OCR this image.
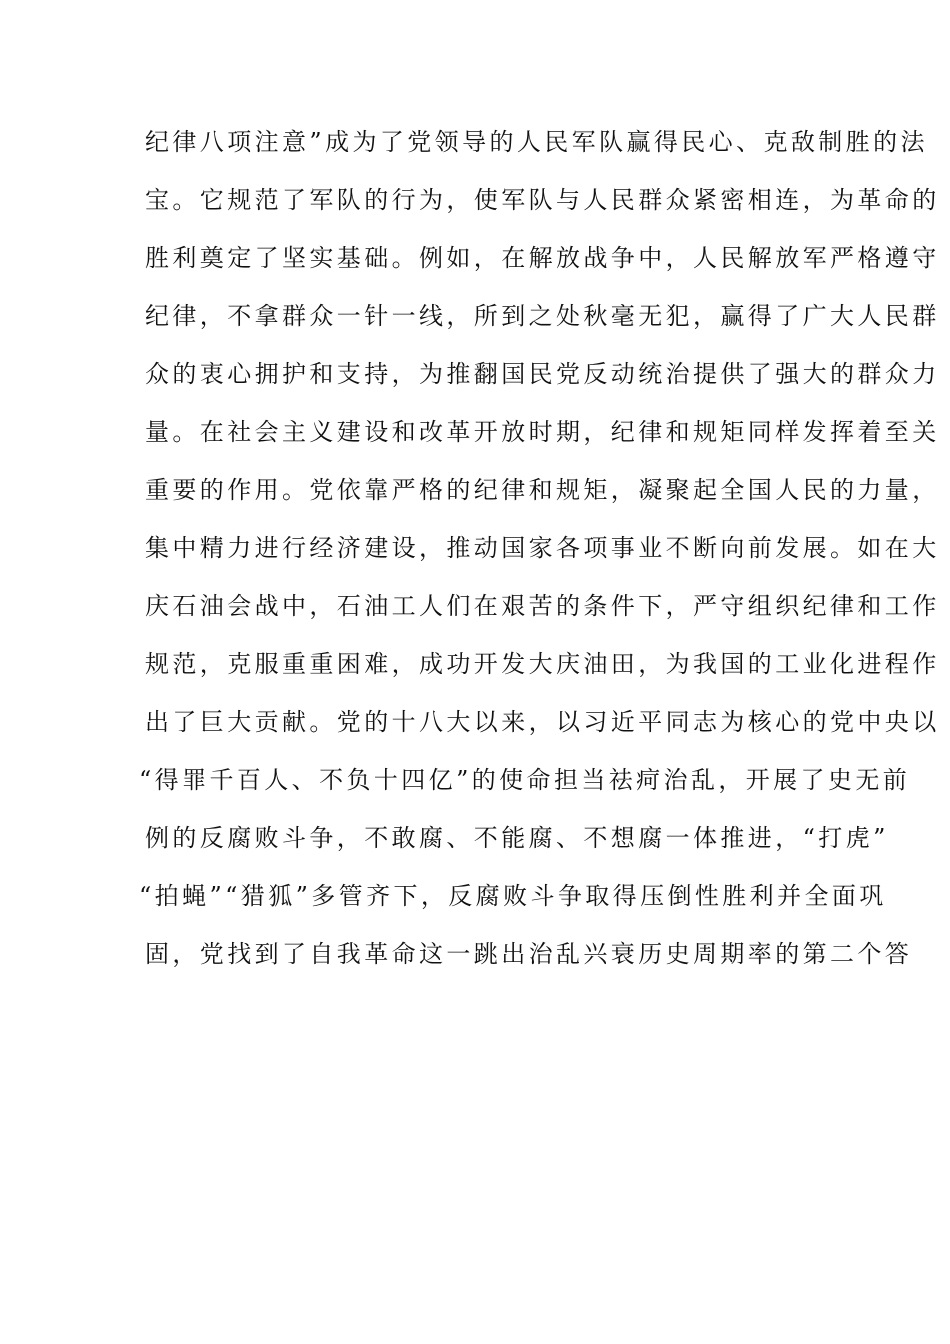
纪律八项注意”成为了党领导的人民军队赢得民心、克敌制胜的法
宝。它规范了军队的行为，使军队与人民群众紧密相连，为革命的
胜利奠定了坚实基础。例如，在解放战争中，人民解放军严格遵守
纪律，不拿群众一针一线，所到之处秋毫无犯，赢得了广大人民群
众的衷心拥护和支持，为推翻国民党反动统治提供了强大的群众力
量。在社会主义建设和改革开放时期，纪律和规矩同样发挥着至关
重要的作用。党依靠严格的纪律和规矩，凝聚起全国人民的力量，
集中精力进行经济建设，推动国家各项事业不断向前发展。如在大
庆石油会战中，石油工人们在艰苦的条件下，严守组织纪律和工作
规范，克服重重困难，成功开发大庆油田，为我国的工业化进程作
出了巨大贡献。党的十八大以来，以习近平同志为核心的党中央以
“得罪千百人、不负十四亿”的使命担当祛疴治乱，开展了史无前
例的反腐败斗争，不敢腐、不能腐、不想腐一体推进，“打虎”
“拍蝇”“猎狐”多管齐下，反腐败斗争取得压倒性胜利并全面巩
固，党找到了自我革命这一跳出治乱兴衰历史周期率的第二个答
